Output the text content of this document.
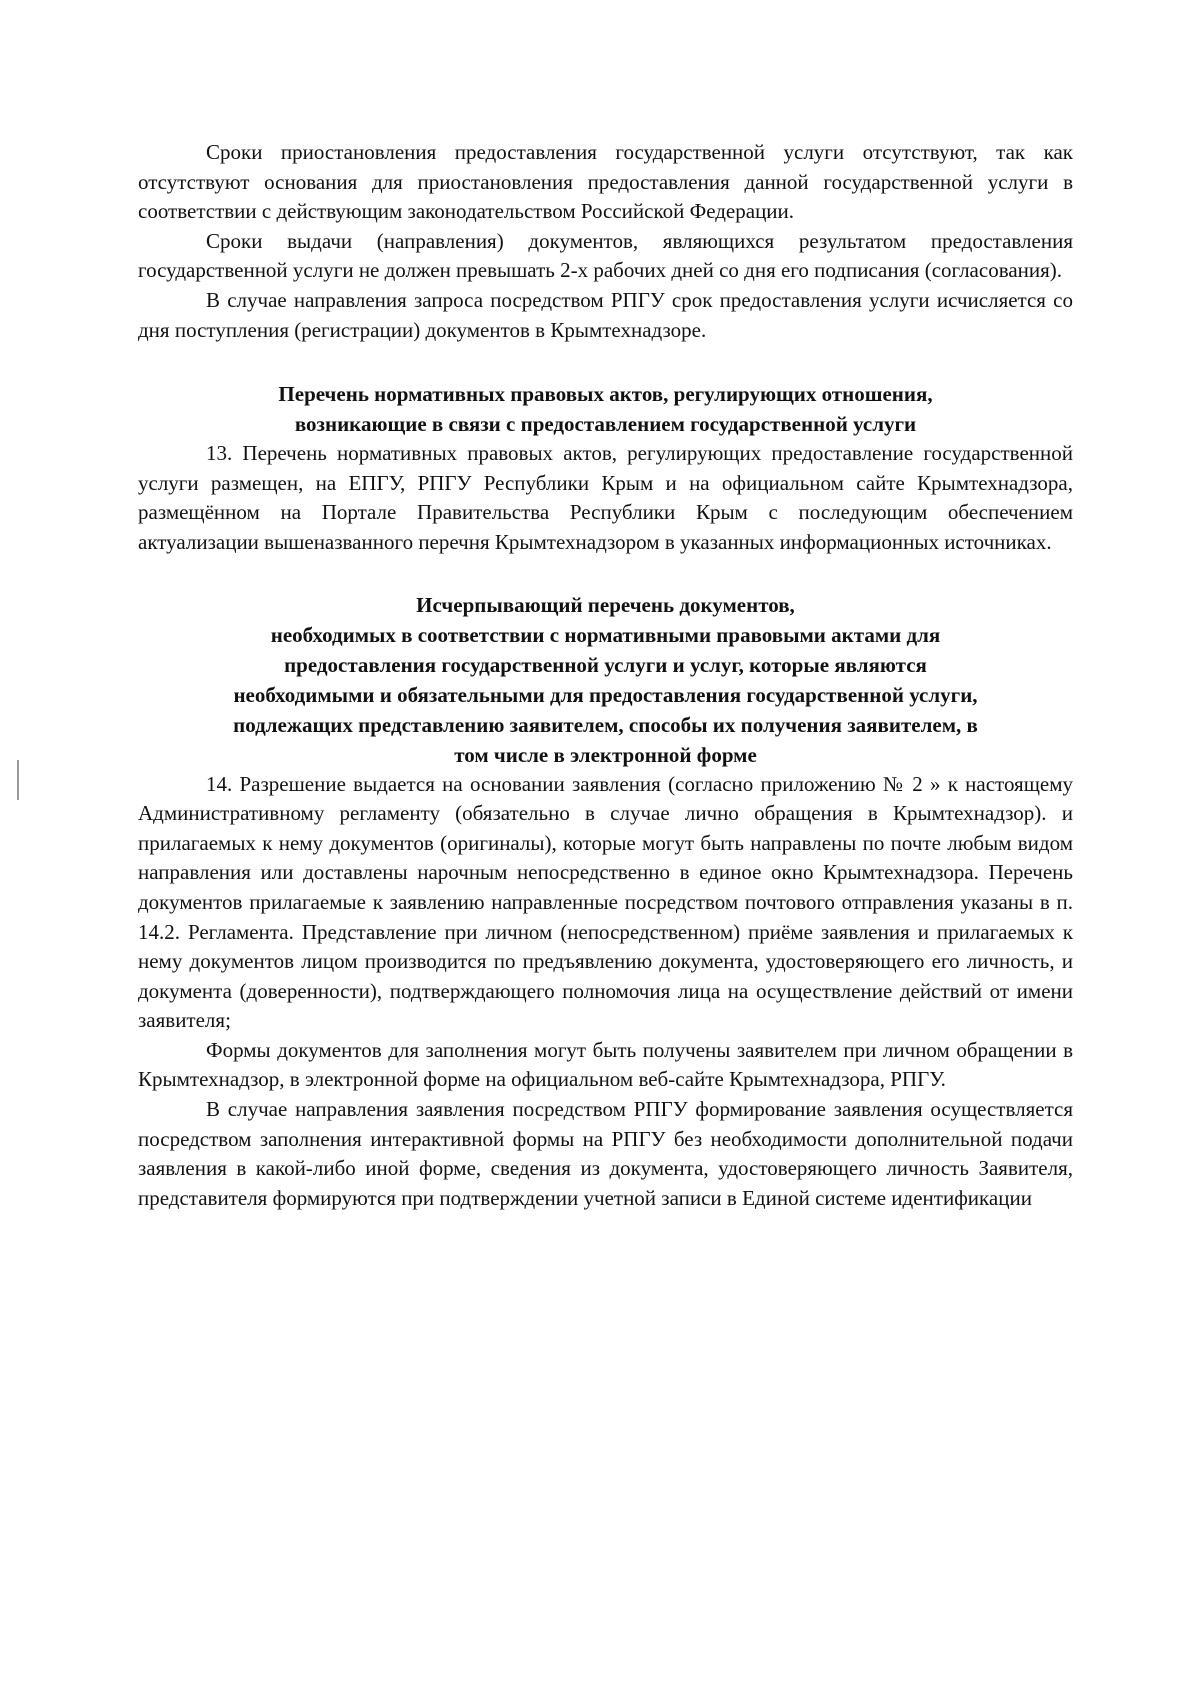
Сроки приостановления предоставления государственной услуги отсутствуют, так как отсутствуют основания для приостановления предоставления данной государственной услуги в соответствии с действующим законодательством Российской Федерации.

Сроки выдачи (направления) документов, являющихся результатом предоставления государственной услуги не должен превышать 2-х рабочих дней со дня его подписания (согласования).

В случае направления запроса посредством РПГУ срок предоставления услуги исчисляется со дня поступления (регистрации) документов в Крымтехнадзоре.

Перечень нормативных правовых актов, регулирующих отношения,
возникающие в связи с предоставлением государственной услуги

13. Перечень нормативных правовых актов, регулирующих предоставление государственной услуги размещен, на ЕПГУ, РПГУ Республики Крым и на официальном сайте Крымтехнадзора, размещённом на Портале Правительства Республики Крым с последующим обеспечением актуализации вышеназванного перечня Крымтехнадзором в указанных информационных источниках.

Исчерпывающий перечень документов,
необходимых в соответствии с нормативными правовыми актами для
предоставления государственной услуги и услуг, которые являются
необходимыми и обязательными для предоставления государственной услуги,
подлежащих представлению заявителем, способы их получения заявителем, в
том числе в электронной форме

14. Разрешение выдается на основании заявления (согласно приложению № 2 » к настоящему Административному регламенту (обязательно в случае лично обращения в Крымтехнадзор). и прилагаемых к нему документов (оригиналы), которые могут быть направлены по почте любым видом направления или доставлены нарочным непосредственно в единое окно Крымтехнадзора. Перечень документов прилагаемые к заявлению направленные посредством почтового отправления указаны в п. 14.2. Регламента. Представление при личном (непосредственном) приёме заявления и прилагаемых к нему документов лицом производится по предъявлению документа, удостоверяющего его личность, и документа (доверенности), подтверждающего полномочия лица на осуществление действий от имени заявителя;

Формы документов для заполнения могут быть получены заявителем при личном обращении в Крымтехнадзор, в электронной форме на официальном веб-сайте Крымтехнадзора, РПГУ.

В случае направления заявления посредством РПГУ формирование заявления осуществляется посредством заполнения интерактивной формы на РПГУ без необходимости дополнительной подачи заявления в какой-либо иной форме, сведения из документа, удостоверяющего личность Заявителя, представителя формируются при подтверждении учетной записи в Единой системе идентификации
